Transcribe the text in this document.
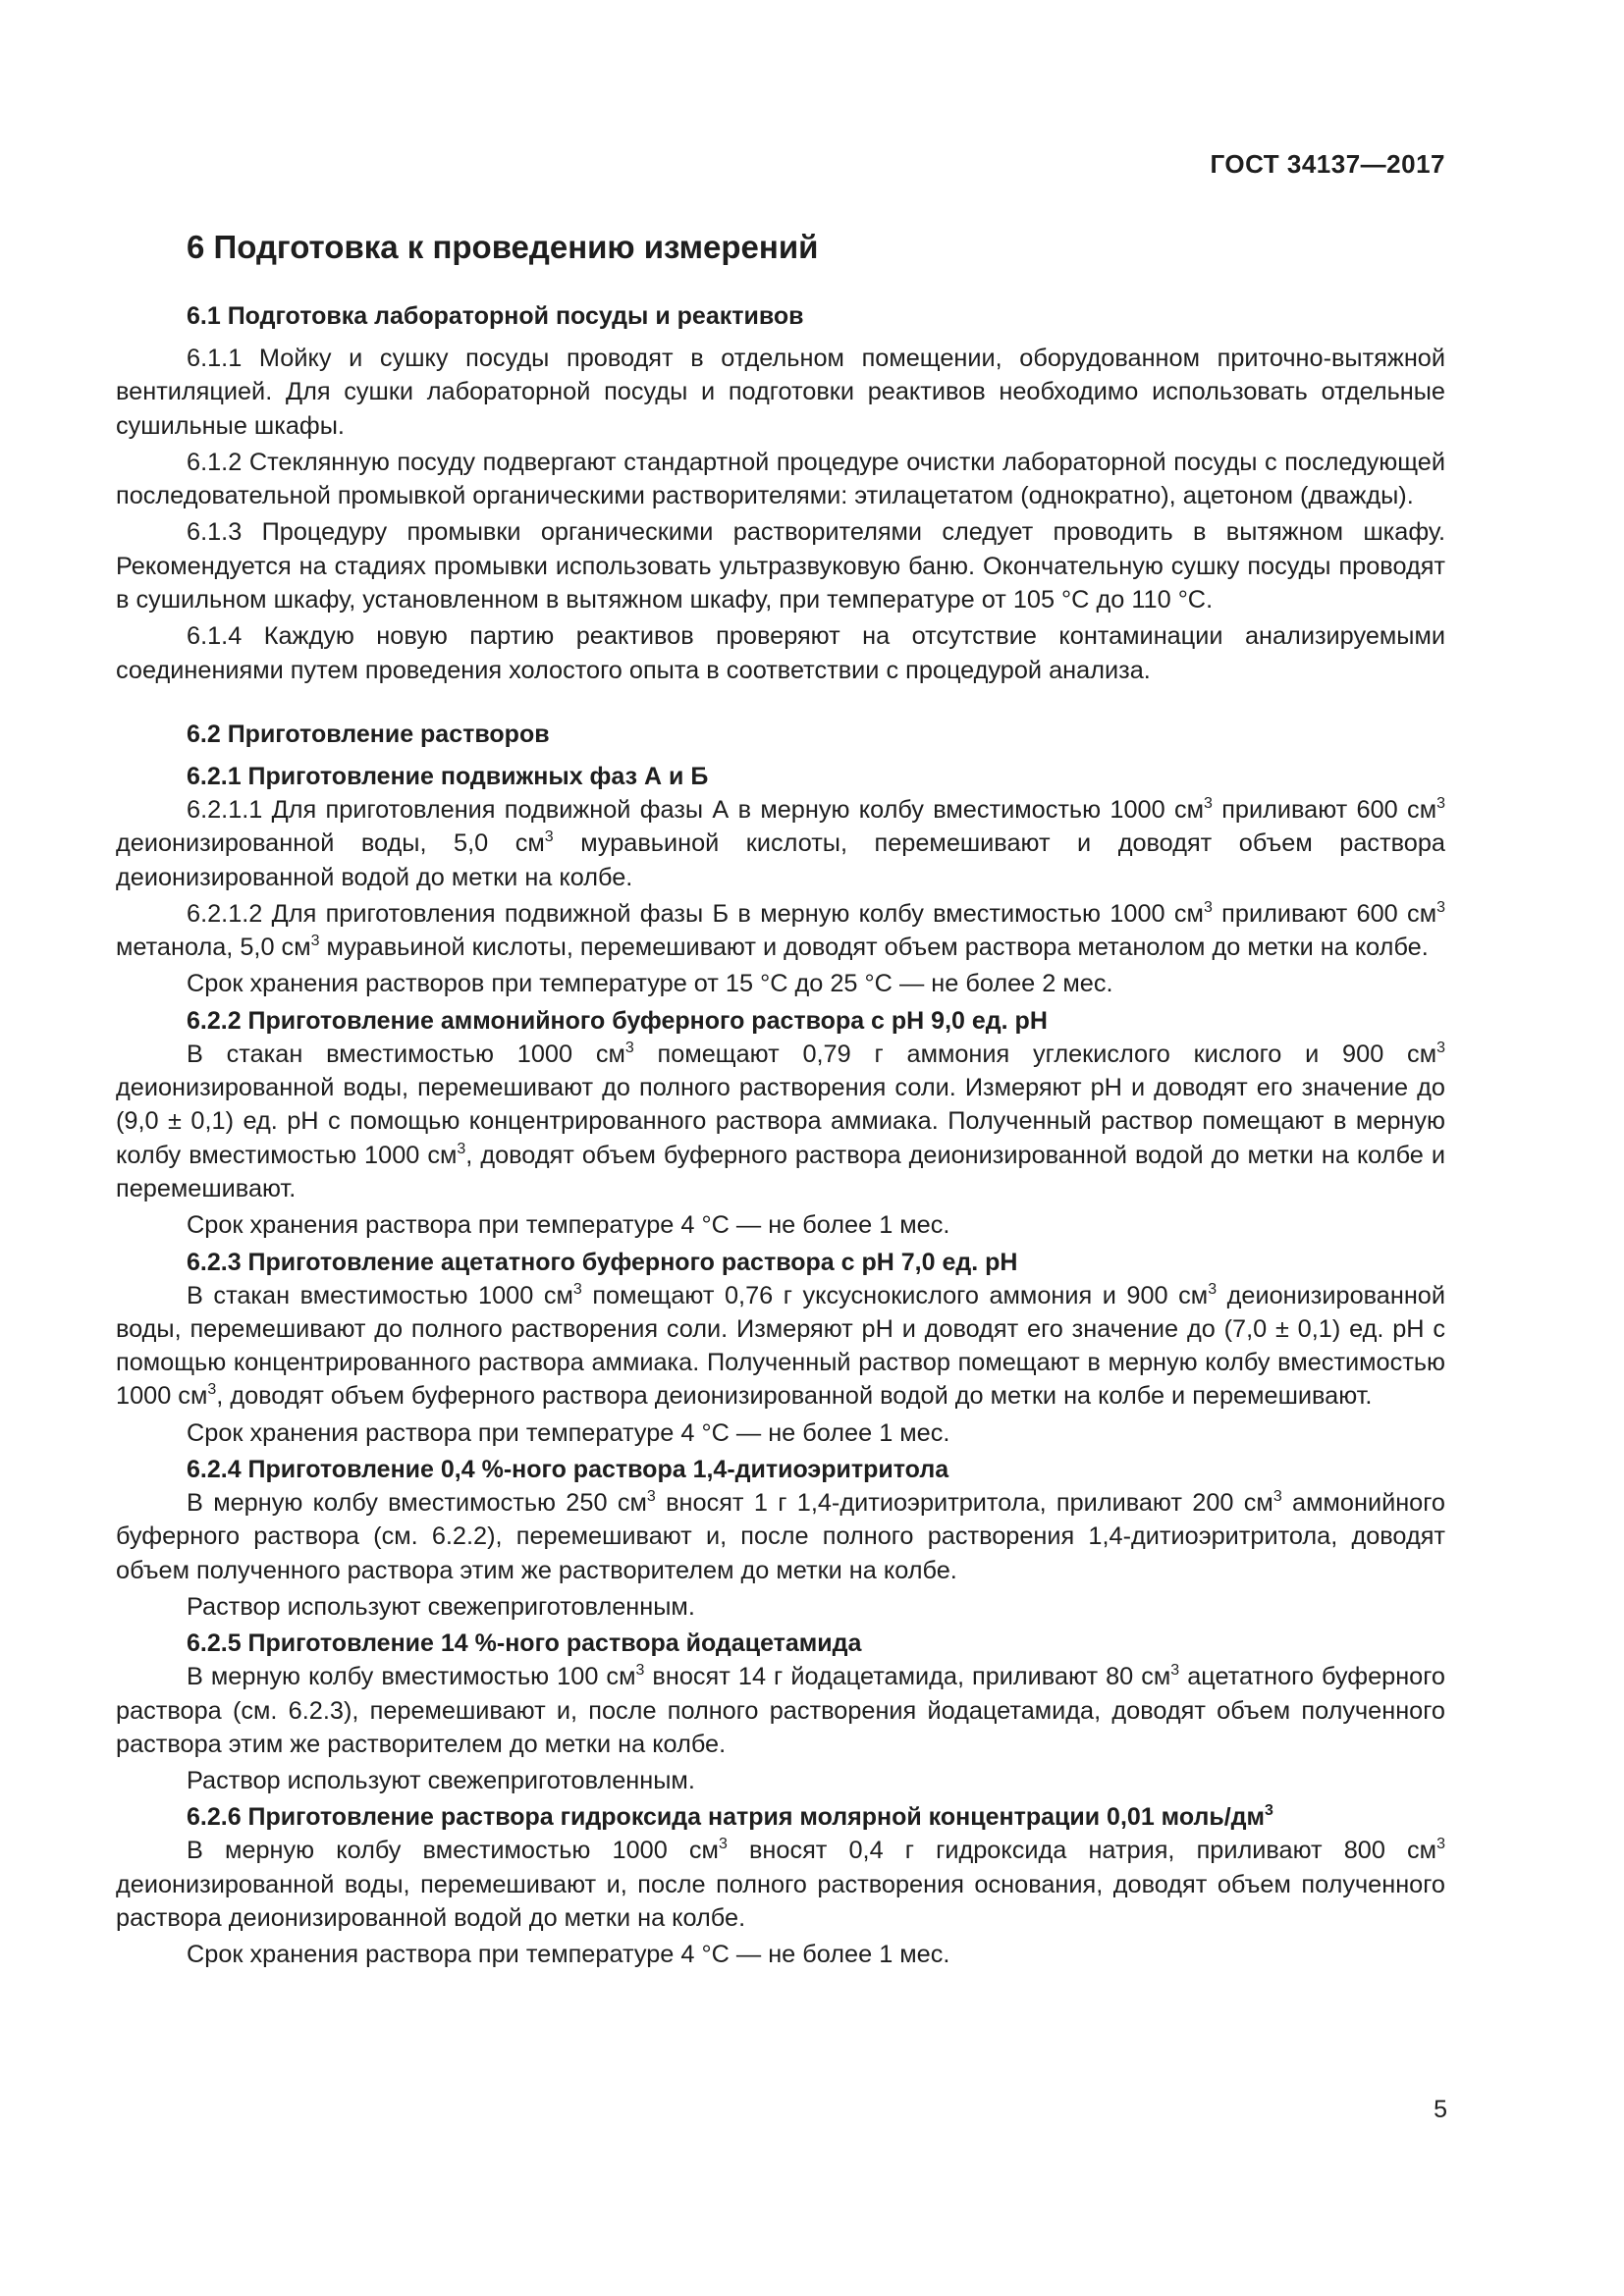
ГОСТ 34137—2017
6 Подготовка к проведению измерений
6.1 Подготовка лабораторной посуды и реактивов

6.1.1 Мойку и сушку посуды проводят в отдельном помещении, оборудованном приточно-вытяжной вентиляцией. Для сушки лабораторной посуды и подготовки реактивов необходимо использовать отдельные сушильные шкафы.

6.1.2 Стеклянную посуду подвергают стандартной процедуре очистки лабораторной посуды с последующей последовательной промывкой органическими растворителями: этилацетатом (однократно), ацетоном (дважды).

6.1.3 Процедуру промывки органическими растворителями следует проводить в вытяжном шкафу. Рекомендуется на стадиях промывки использовать ультразвуковую баню. Окончательную сушку посуды проводят в сушильном шкафу, установленном в вытяжном шкафу, при температуре от 105 °С до 110 °С.

6.1.4 Каждую новую партию реактивов проверяют на отсутствие контаминации анализируемыми соединениями путем проведения холостого опыта в соответствии с процедурой анализа.

6.2 Приготовление растворов
6.2.1 Приготовление подвижных фаз А и Б

6.2.1.1 Для приготовления подвижной фазы А в мерную колбу вместимостью 1000 $см^3$ приливают 600 $см^3$ деионизированной воды, 5,0 $см^3$ муравьиной кислоты, перемешивают и доводят объем раствора деионизированной водой до метки на колбе.

6.2.1.2 Для приготовления подвижной фазы Б в мерную колбу вместимостью 1000 $см^3$ приливают 600 $см^3$ метанола, 5,0 $см^3$ муравьиной кислоты, перемешивают и доводят объем раствора метанолом до метки на колбе.

Срок хранения растворов при температуре от 15 °С до 25 °С — не более 2 мес.

6.2.2 Приготовление аммонийного буферного раствора с pH 9,0 ед. pH

В стакан вместимостью 1000 $см^3$ помещают 0,79 г аммония углекислого кислого и 900 $см^3$ деионизированной воды, перемешивают до полного растворения соли. Измеряют pH и доводят его значение до (9,0 ± 0,1) ед. pH с помощью концентрированного раствора аммиака. Полученный раствор помещают в мерную колбу вместимостью 1000 $см^3$, доводят объем буферного раствора деионизированной водой до метки на колбе и перемешивают.

Срок хранения раствора при температуре 4 °С — не более 1 мес.

6.2.3 Приготовление ацетатного буферного раствора с pH 7,0 ед. pH

В стакан вместимостью 1000 $см^3$ помещают 0,76 г уксуснокислого аммония и 900 $см^3$ деионизированной воды, перемешивают до полного растворения соли. Измеряют pH и доводят его значение до (7,0 ± 0,1) ед. pH с помощью концентрированного раствора аммиака. Полученный раствор помещают в мерную колбу вместимостью 1000 $см^3$, доводят объем буферного раствора деионизированной водой до метки на колбе и перемешивают.

Срок хранения раствора при температуре 4 °С — не более 1 мес.

6.2.4 Приготовление 0,4 %-ного раствора 1,4-дитиоэритритола

В мерную колбу вместимостью 250 $см^3$ вносят 1 г 1,4-дитиоэритритола, приливают 200 $см^3$ аммонийного буферного раствора (см. 6.2.2), перемешивают и, после полного растворения 1,4-дитиоэритритола, доводят объем полученного раствора этим же растворителем до метки на колбе.

Раствор используют свежеприготовленным.

6.2.5 Приготовление 14 %-ного раствора йодацетамида

В мерную колбу вместимостью 100 $см^3$ вносят 14 г йодацетамида, приливают 80 $см^3$ ацетатного буферного раствора (см. 6.2.3), перемешивают и, после полного растворения йодацетамида, доводят объем полученного раствора этим же растворителем до метки на колбе.

Раствор используют свежеприготовленным.

6.2.6 Приготовление раствора гидроксида натрия молярной концентрации 0,01 моль/$дм^3$

В мерную колбу вместимостью 1000 $см^3$ вносят 0,4 г гидроксида натрия, приливают 800 $см^3$ деионизированной воды, перемешивают и, после полного растворения основания, доводят объем полученного раствора деионизированной водой до метки на колбе.

Срок хранения раствора при температуре 4 °С — не более 1 мес.

5
